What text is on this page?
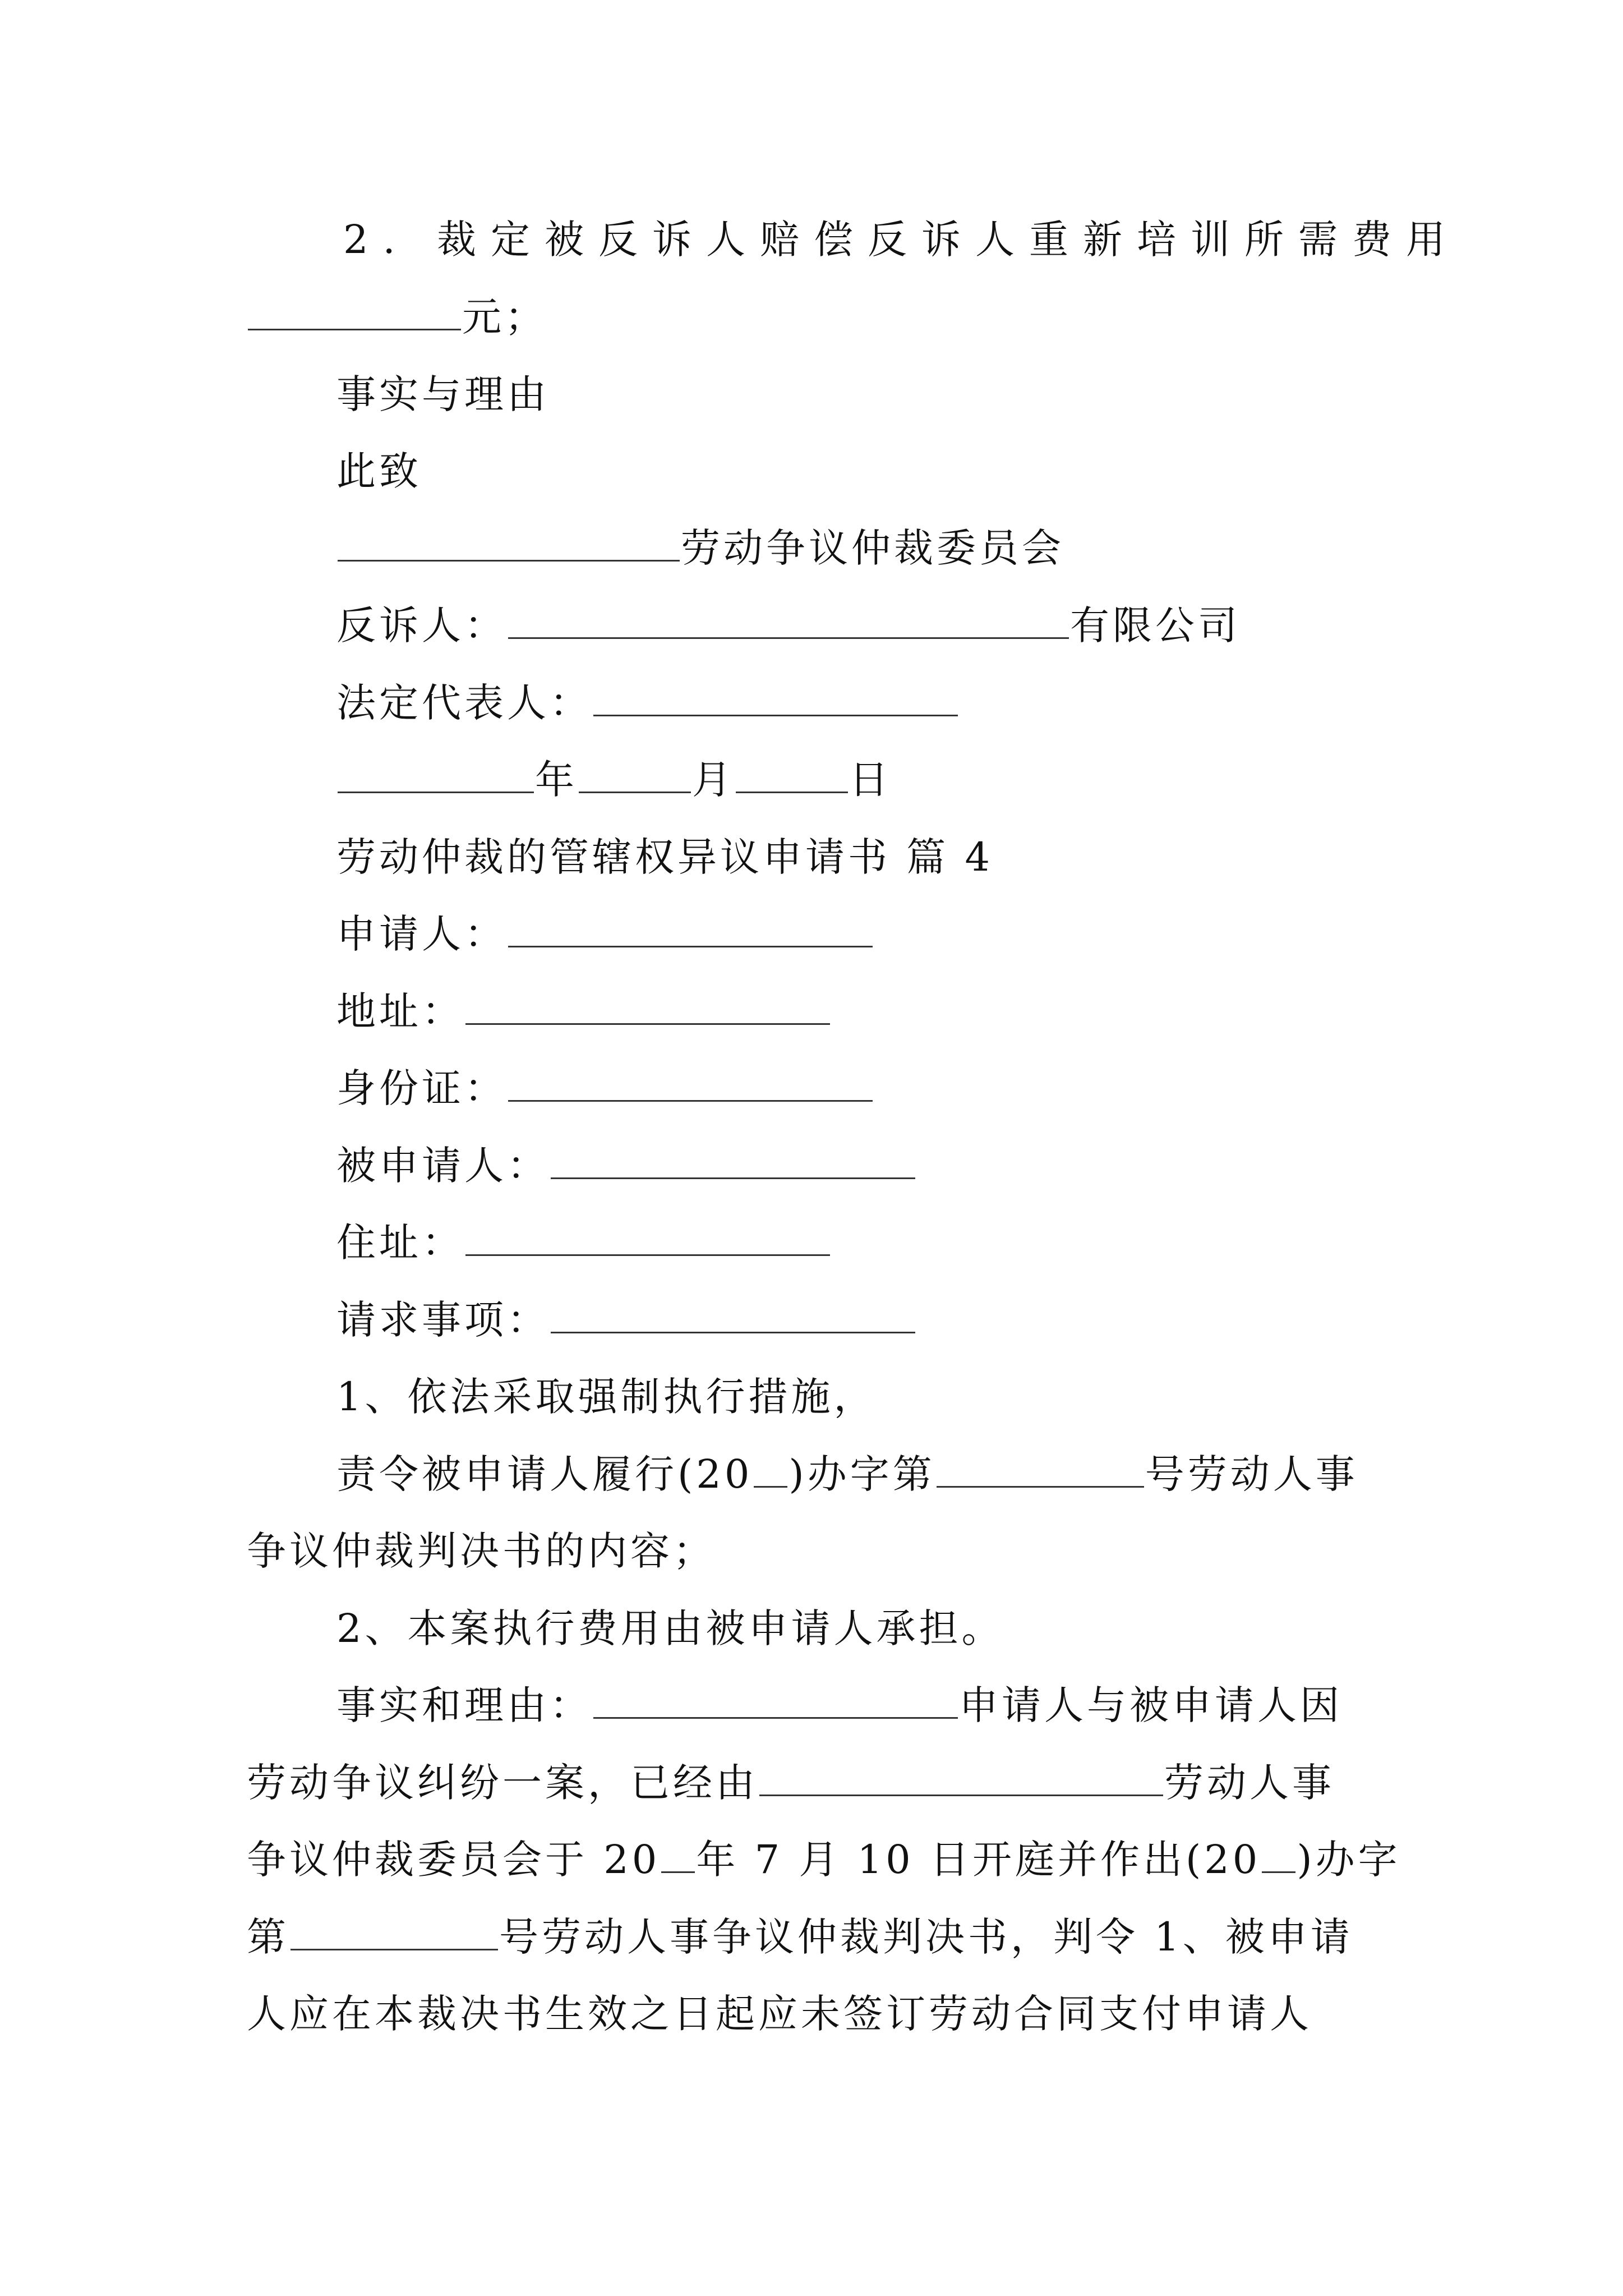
2. 裁定被反诉人赔偿反诉人重新培训所需费用
元；
事实与理由
此致
劳动争议仲裁委员会
反诉人：	有限公司
法定代表人：
年	月	日
劳动仲裁的管辖权异议申请书 篇 4
申请人：
地址：
身份证：
被申请人：
住址：
请求事项：
1、依法采取强制执行措施，
责令被申请人履行(20 )办字第	号劳动人事
争议仲裁判决书的内容；
2、本案执行费用由被申请人承担。
事实和理由：	申请人与被申请人因
劳动争议纠纷一案，已经由	劳动人事
争议仲裁委员会于 20 年 7 月 10 日开庭并作出(20 )办字
第	号劳动人事争议仲裁判决书，判令 1、被申请
人应在本裁决书生效之日起应未签订劳动合同支付申请人
